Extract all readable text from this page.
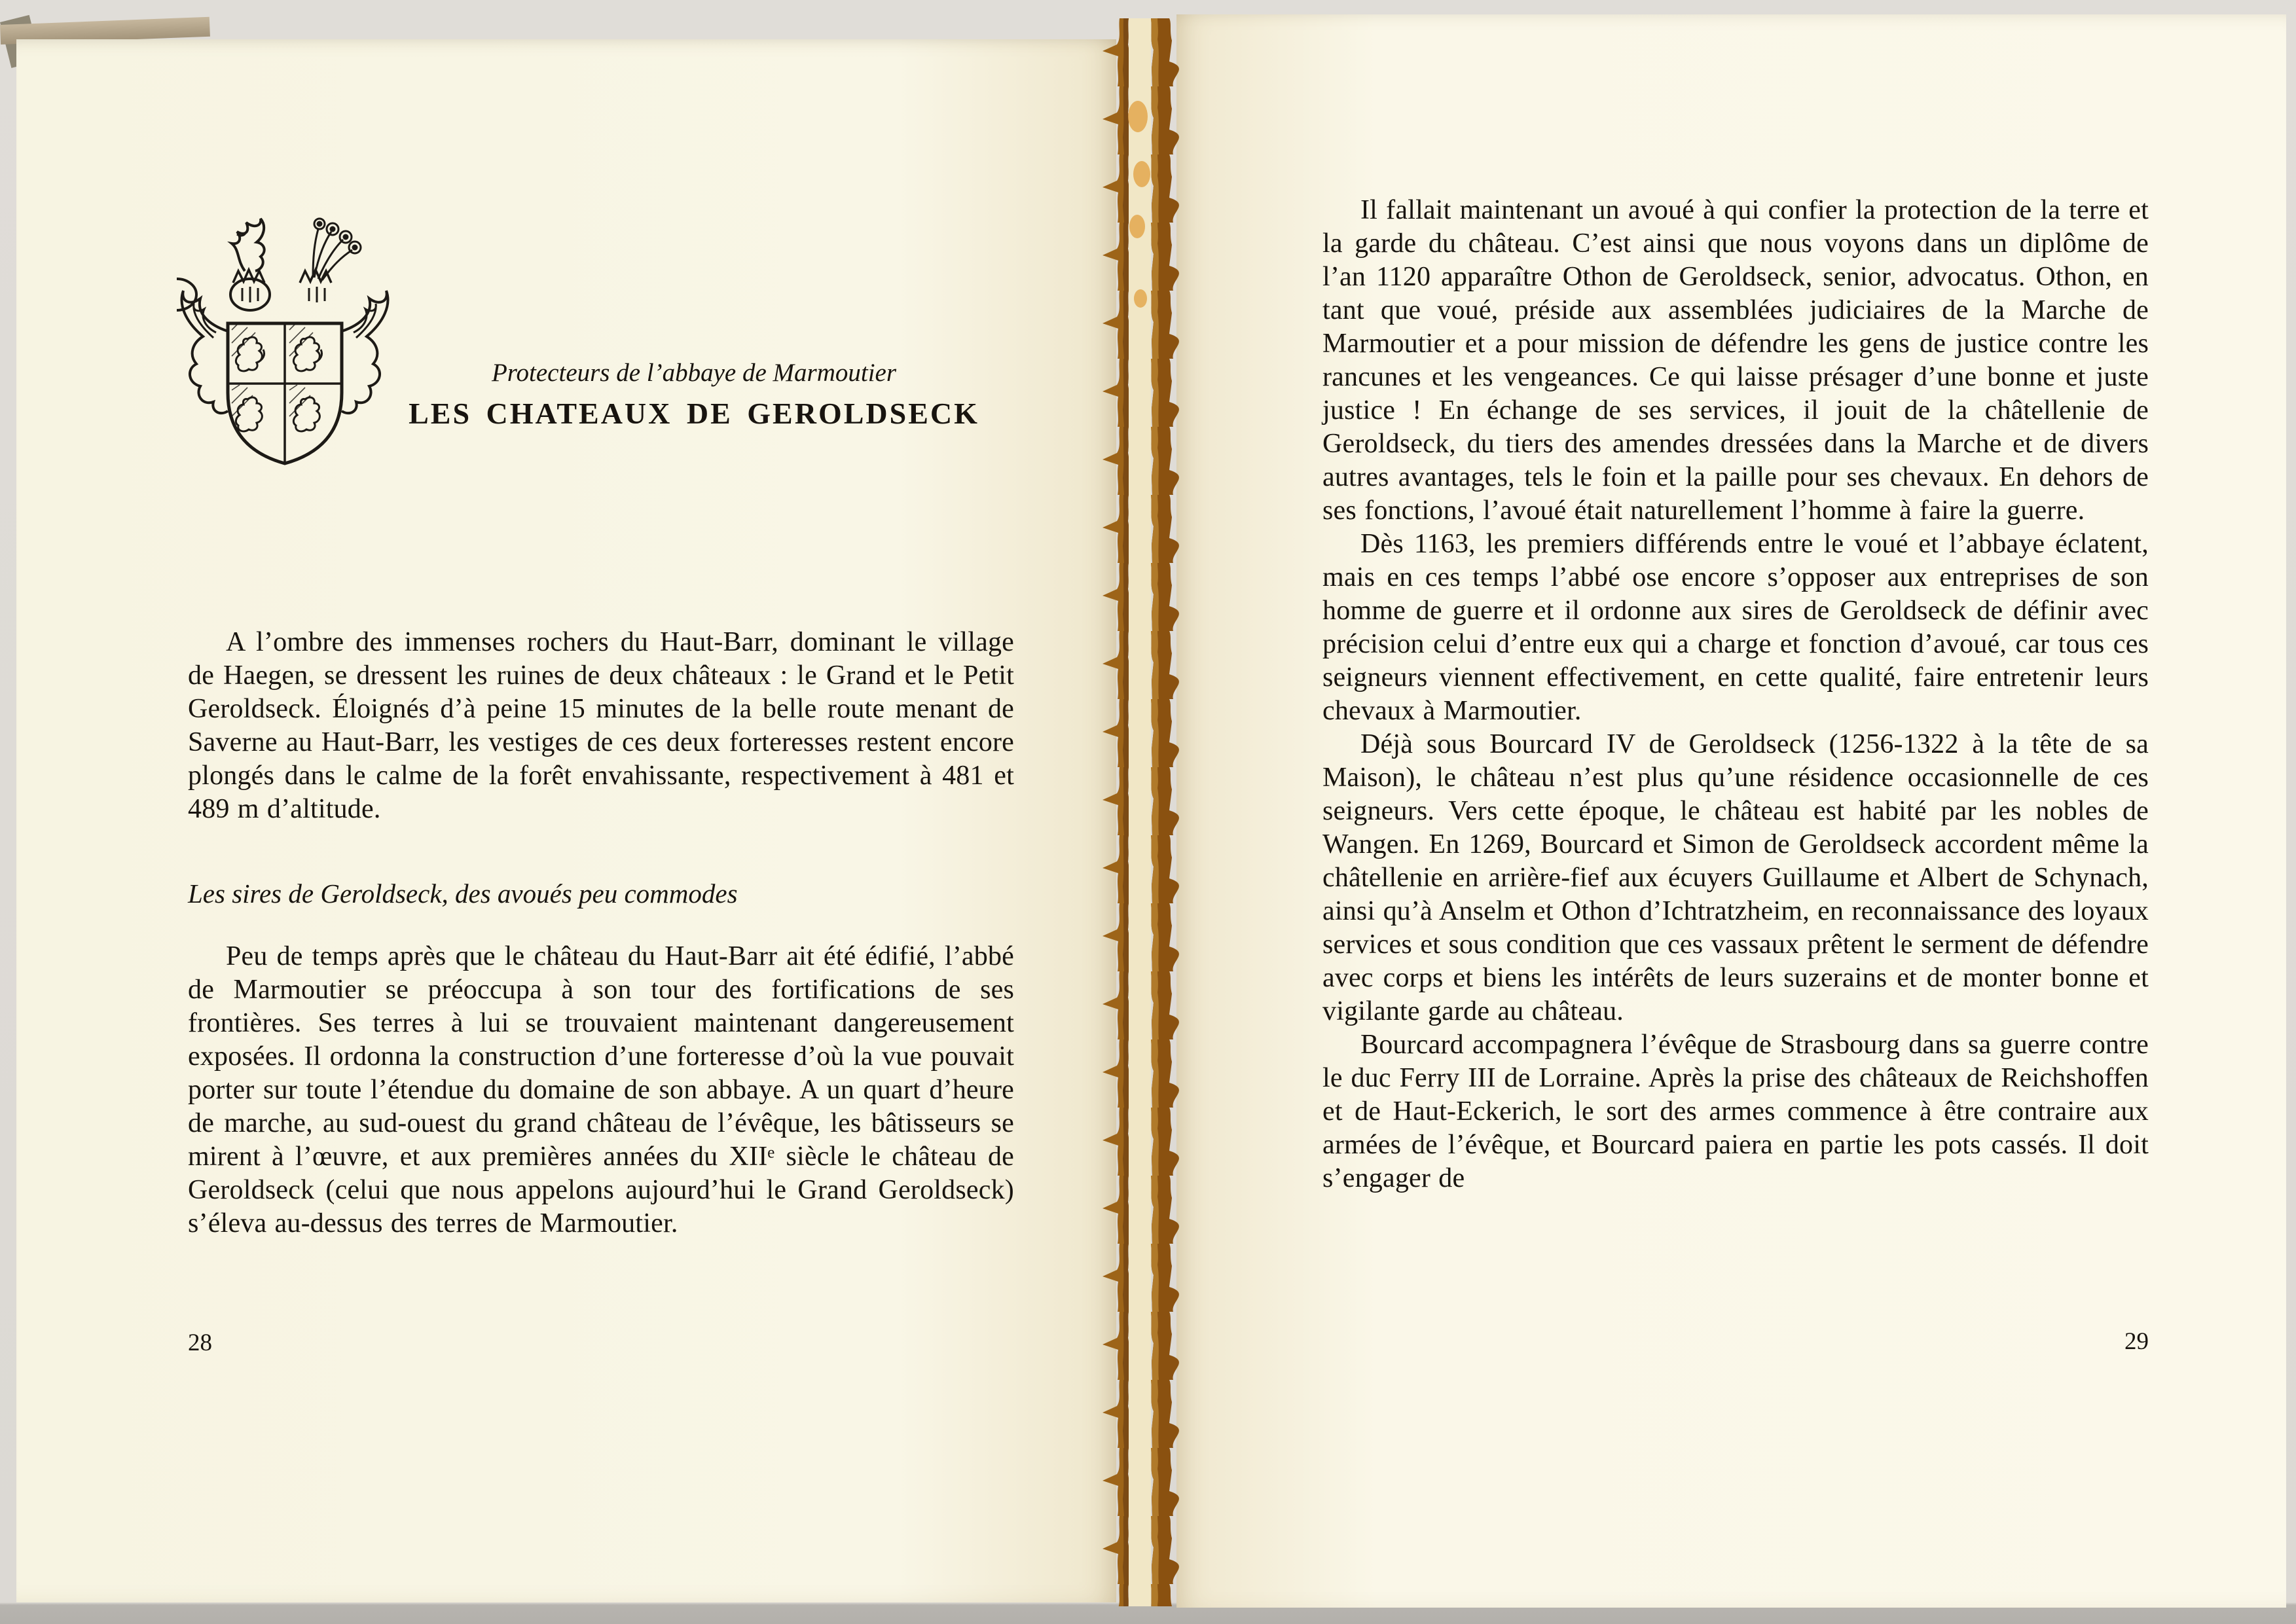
Protecteurs de l’abbaye de Marmoutier
LES CHATEAUX DE GEROLDSECK

A l’ombre des immenses rochers du Haut-Barr, dominant le village de Haegen, se dressent les ruines de deux châteaux : le Grand et le Petit Geroldseck. Éloignés d’à peine 15 minutes de la belle route menant de Saverne au Haut-Barr, les vestiges de ces deux forteresses restent encore plongés dans le calme de la forêt envahissante, respectivement à 481 et 489 m d’altitude.

Les sires de Geroldseck, des avoués peu commodes

Peu de temps après que le château du Haut-Barr ait été édifié, l’abbé de Marmoutier se préoccupa à son tour des fortifications de ses frontières. Ses terres à lui se trouvaient maintenant dangereusement exposées. Il ordonna la construction d’une forteresse d’où la vue pouvait porter sur toute l’étendue du domaine de son abbaye. A un quart d’heure de marche, au sud-ouest du grand château de l’évêque, les bâtisseurs se mirent à l’œuvre, et aux premières années du XIIᵉ siècle le château de Geroldseck (celui que nous appelons aujourd’hui le Grand Geroldseck) s’éleva au-dessus des terres de Marmoutier.

28

Il fallait maintenant un avoué à qui confier la protection de la terre et la garde du château. C’est ainsi que nous voyons dans un diplôme de l’an 1120 apparaître Othon de Geroldseck, senior, advocatus. Othon, en tant que voué, préside aux assemblées judiciaires de la Marche de Marmoutier et a pour mission de défendre les gens de justice contre les rancunes et les vengeances. Ce qui laisse présager d’une bonne et juste justice ! En échange de ses services, il jouit de la châtellenie de Geroldseck, du tiers des amendes dressées dans la Marche et de divers autres avantages, tels le foin et la paille pour ses chevaux. En dehors de ses fonctions, l’avoué était naturellement l’homme à faire la guerre.

Dès 1163, les premiers différends entre le voué et l’abbaye éclatent, mais en ces temps l’abbé ose encore s’opposer aux entreprises de son homme de guerre et il ordonne aux sires de Geroldseck de définir avec précision celui d’entre eux qui a charge et fonction d’avoué, car tous ces seigneurs viennent effectivement, en cette qualité, faire entretenir leurs chevaux à Marmoutier.

Déjà sous Bourcard IV de Geroldseck (1256-1322 à la tête de sa Maison), le château n’est plus qu’une résidence occasionnelle de ces seigneurs. Vers cette époque, le château est habité par les nobles de Wangen. En 1269, Bourcard et Simon de Geroldseck accordent même la châtellenie en arrière-fief aux écuyers Guillaume et Albert de Schynach, ainsi qu’à Anselm et Othon d’Ichtratzheim, en reconnaissance des loyaux services et sous condition que ces vassaux prêtent le serment de défendre avec corps et biens les intérêts de leurs suzerains et de monter bonne et vigilante garde au château.

Bourcard accompagnera l’évêque de Strasbourg dans sa guerre contre le duc Ferry III de Lorraine. Après la prise des châteaux de Reichshoffen et de Haut-Eckerich, le sort des armes commence à être contraire aux armées de l’évêque, et Bourcard paiera en partie les pots cassés. Il doit s’engager de

29
